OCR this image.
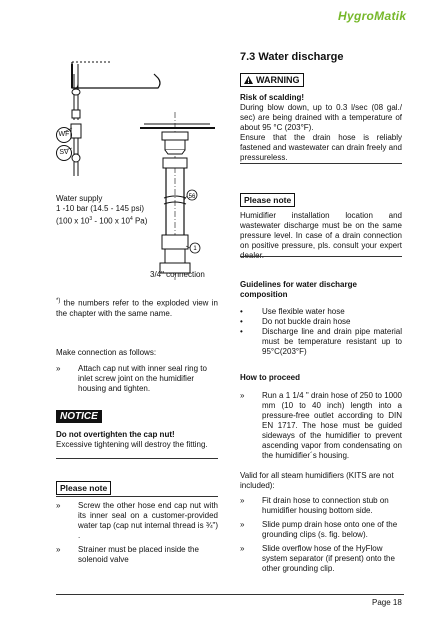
HygroMatik
56
1
WF
SV
Water supply
1 -10 bar (14.5 - 145 psi)
(100 x $10^3 - 100$ x $10^4$ Pa)
3/4" connection
*) the numbers refer to the exploded view in the chapter with the same name.
Make connection as follows:
» Attach cap nut with inner seal ring to inlet screw joint on the humidifier housing and tighten.
NOTICE
Do not overtighten the cap nut!
Excessive tightening will destroy the fitting.
Please note
» Screw the other hose end cap nut with its inner seal on a customer-provided water tap (cap nut internal thread is ¾") .
» Strainer must be placed inside the solenoid valve
7.3 Water discharge
WARNING
Risk of scalding!
During blow down, up to 0.3 l/sec (08 gal./ sec) are being drained with a temperature of about 95 °C (203°F).
Ensure that the drain hose is reliably fastened and wastewater can drain freely and pressureless.
Please note
Humidifier installation location and wastewater discharge must be on the same pressure level. In case of a drain connection on positive pressure, pls. consult your expert
Guidelines for water discharge composition
• Use flexible water hose
• Do not buckle drain hose
• Discharge line and drain pipe material must be temperature resistant up to 95°C(203°F)
How to proceed
» Run a 1 1/4 " drain hose of 250 to 1000 mm (10 to 40 inch) length into a pressure-free outlet according to DIN EN 1717. The hose must be guided sideways of the humidifier to prevent ascending vapor from condensating on the humidifier´s housing.
Valid for all steam humidifiers (KITS are not included):
» Fit drain hose to connection stub on humidifier housing bottom side.
» Slide pump drain hose onto one of the grounding clips (s. fig. below).
» Slide overflow hose of the HyFlow system separator (if present) onto the other grounding clip.
Page 18
